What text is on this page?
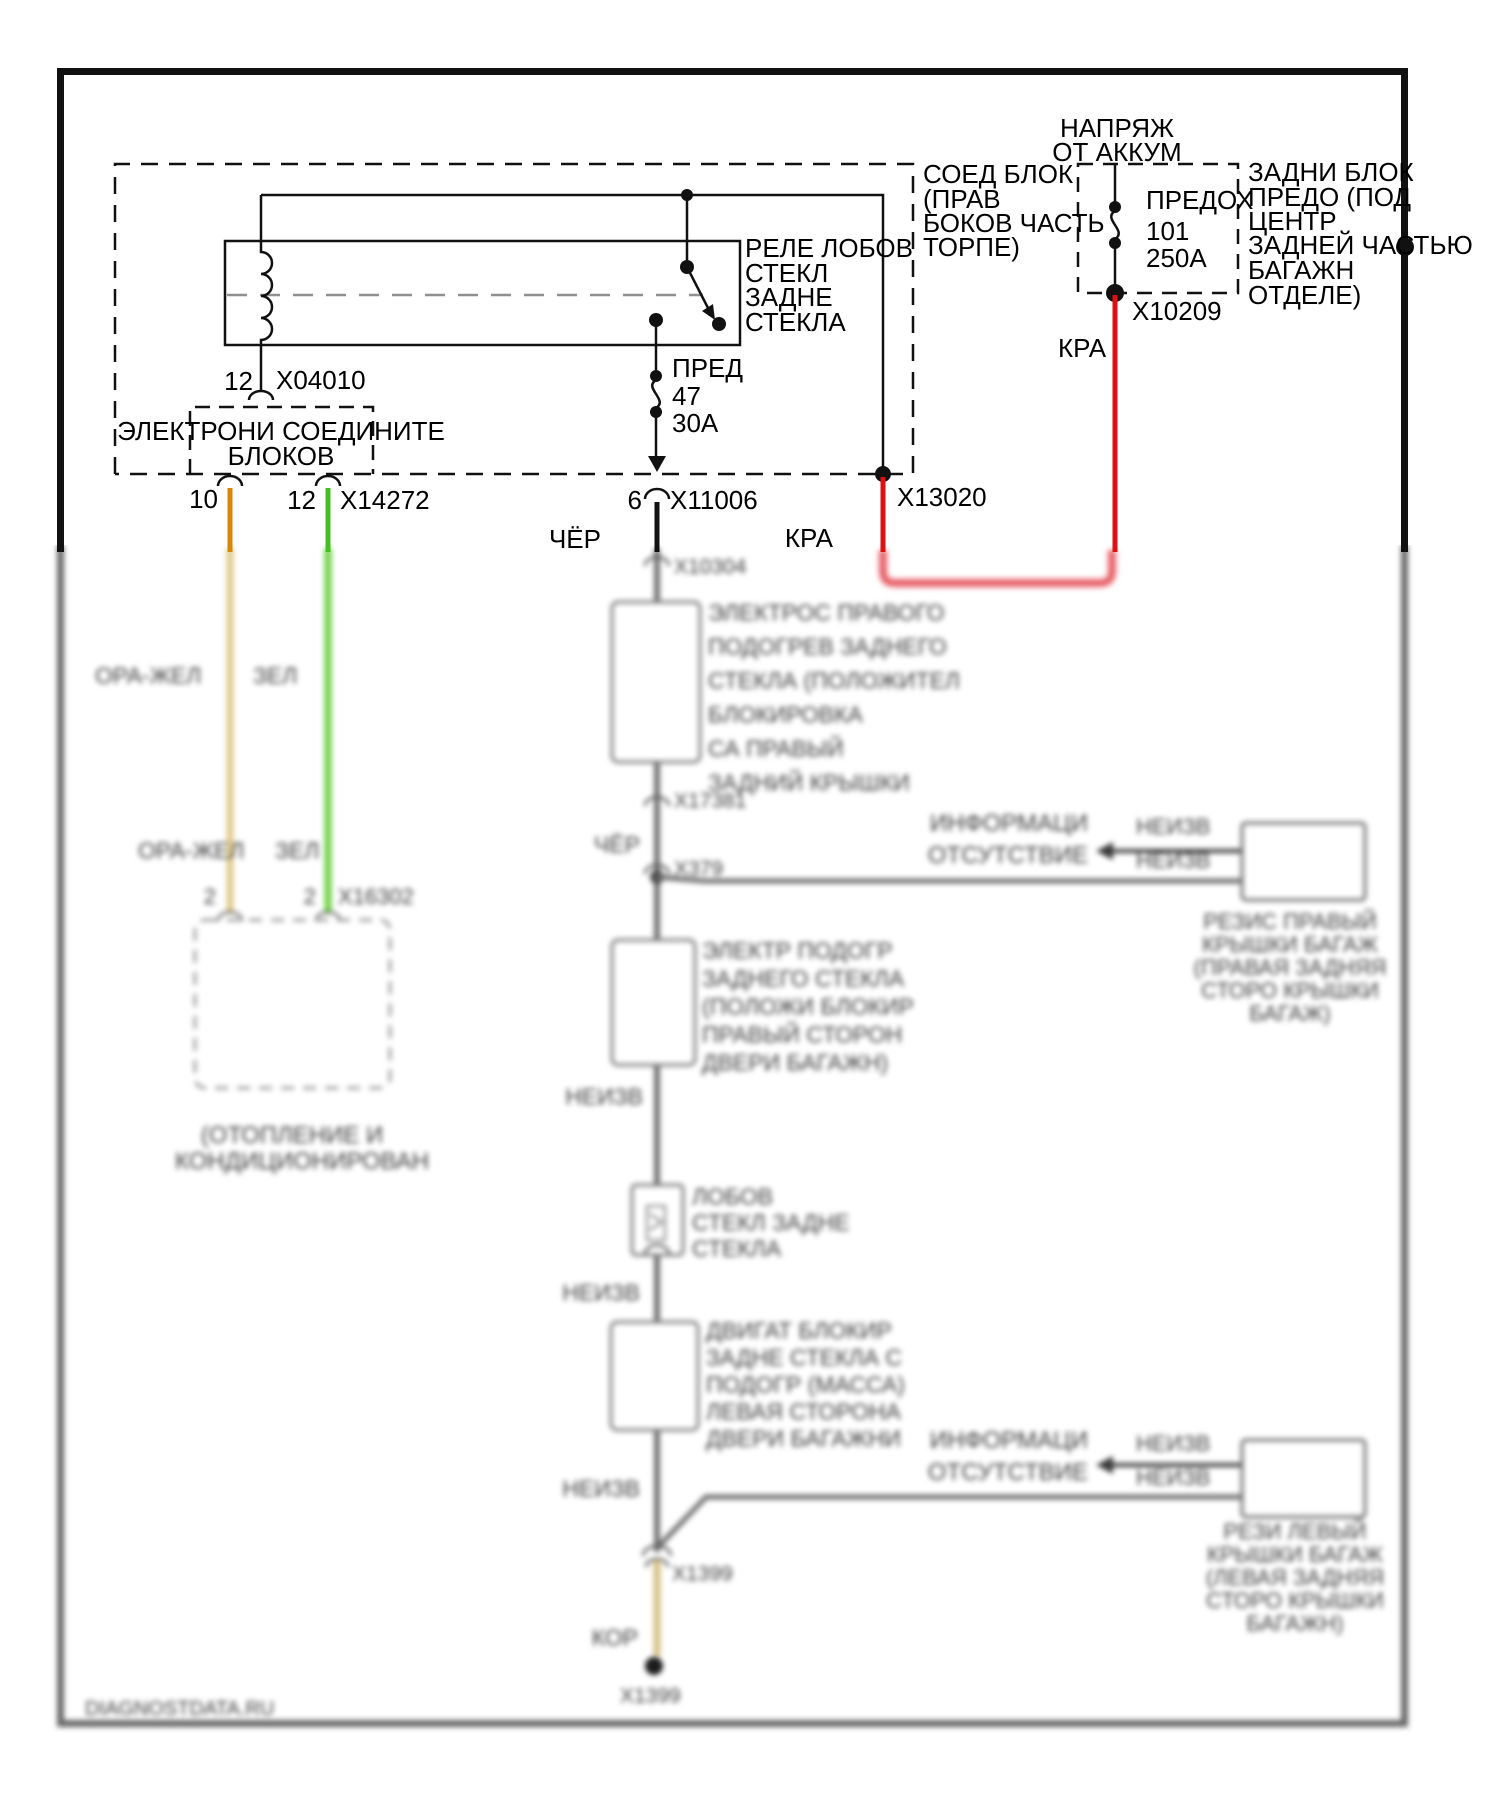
X10304
ЭЛЕКТРОС ПРАВОГО
ПОДОГРЕВ ЗАДНЕГО
СТЕКЛА (ПОЛОЖИТЕЛ
БЛОКИРОВКА
СА ПРАВЫЙ
ЗАДНИЙ КРЫШКИ
X17381
ЧЁР
X379
ИНФОРМАЦИ
ОТСУТСТВИЕ
НЕИЗВ
НЕИЗВ
РЕЗИС ПРАВЫЙ
КРЫШКИ БАГАЖ
(ПРАВАЯ ЗАДНЯЯ
СТОРО КРЫШКИ
БАГАЖ)
ОРА-ЖЕЛ ЗЕЛ
ОРА-ЖЕЛ ЗЕЛ
2	2 X16302
(ОТОПЛЕНИЕ И
КОНДИЦИОНИРОВАН
ЭЛЕКТР ПОДОГР
ЗАДНЕГО СТЕКЛА
(ПОЛОЖИ БЛОКИР
ПРАВЫЙ СТОРОН
ДВЕРИ БАГАЖН)
НЕИЗВ
ЛОБОВ
СТЕКЛ ЗАДНЕ
СТЕКЛА
НЕИЗВ
ДВИГАТ БЛОКИР
ЗАДНЕ СТЕКЛА С
ПОДОГР (МАССА)
ЛЕВАЯ СТОРОНА
ДВЕРИ БАГАЖНИ
НЕИЗВ
ИНФОРМАЦИ
ОТСУТСТВИЕ
НЕИЗВ
НЕИЗВ
РЕЗИ ЛЕВЫЙ
КРЫШКИ БАГАЖ
(ЛЕВАЯ ЗАДНЯЯ
СТОРО КРЫШКИ
БАГАЖН)
X1399
КОР
X1399
DIAGNOSTDATA.RU
НАПРЯЖ
ОТ АККУМ
СОЕД БЛОК
(ПРАВ
БОКОВ ЧАСТЬ
ТОРПЕ)
ЗАДНИ БЛОК
ПРЕДО (ПОД
ЦЕНТР
ЗАДНЕЙ ЧАСТЬЮ
БАГАЖН
ОТДЕЛЕ)
ПРЕДОХ
101
250А
X10209
КРА
РЕЛЕ ЛОБОВ
СТЕКЛ
ЗАДНЕ
СТЕКЛА
ПРЕД
47
30А
12 X04010
ЭЛЕКТРОНИ СОЕДИНИТЕ
БЛОКОВ
10	12 X14272	6 X11006	X13020
КРА
ЧЁР
